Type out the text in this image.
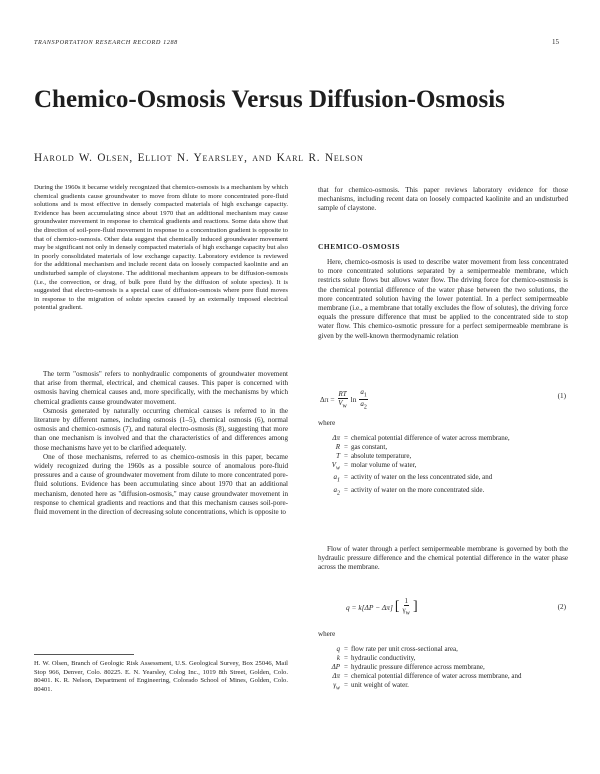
TRANSPORTATION RESEARCH RECORD 1288	15
Chemico-Osmosis Versus Diffusion-Osmosis
Harold W. Olsen, Elliot N. Yearsley, and Karl R. Nelson

During the 1960s it became widely recognized that chemico-osmosis is a mechanism by which chemical gradients cause groundwater to move from dilute to more concentrated pore-fluid solutions and is most effective in densely compacted materials of high exchange capacity. Evidence has been accumulating since about 1970 that an additional mechanism may cause groundwater movement in response to chemical gradients and reactions. Some data show that the direction of soil-pore-fluid movement in response to a concentration gradient is opposite to that of chemico-osmosis. Other data suggest that chemically induced groundwater movement may be significant not only in densely compacted materials of high exchange capacity but also in poorly consolidated materials of low exchange capacity. Laboratory evidence is reviewed for the additional mechanism and include recent data on loosely compacted kaolinite and an undisturbed sample of claystone. The additional mechanism appears to be diffusion-osmosis (i.e., the convection, or drag, of bulk pore fluid by the diffusion of solute species). It is suggested that electro-osmosis is a special case of diffusion-osmosis where pore fluid moves in response to the migration of solute species caused by an externally imposed electrical potential gradient.

The term "osmosis" refers to nonhydraulic components of groundwater movement that arise from thermal, electrical, and chemical causes. This paper is concerned with osmosis having chemical causes and, more specifically, with the mechanisms by which chemical gradients cause groundwater movement.

Osmosis generated by naturally occurring chemical causes is referred to in the literature by different names, including osmosis (1–5), chemical osmosis (6), normal osmosis and chemico-osmosis (7), and natural electro-osmosis (8), suggesting that more than one mechanism is involved and that the characteristics of and differences among those mechanisms have yet to be clarified adequately.

One of those mechanisms, referred to as chemico-osmosis in this paper, became widely recognized during the 1960s as a possible source of anomalous pore-fluid pressures and a cause of groundwater movement from dilute to more concentrated pore-fluid solutions. Evidence has been accumulating since about 1970 that an additional mechanism, denoted here as "diffusion-osmosis," may cause groundwater movement in response to chemical gradients and reactions and that this mechanism causes soil-pore-fluid movement in the direction of decreasing solute concentrations, which is opposite to

H. W. Olsen, Branch of Geologic Risk Assessment, U.S. Geological Survey, Box 25046, Mail Stop 966, Denver, Colo. 80225. E. N. Yearsley, Colog Inc., 1019 8th Street, Golden, Colo. 80401. K. R. Nelson, Department of Engineering, Colorado School of Mines, Golden, Colo. 80401.

that for chemico-osmosis. This paper reviews laboratory evidence for those mechanisms, including recent data on loosely compacted kaolinite and an undisturbed sample of claystone.

CHEMICO-OSMOSIS

Here, chemico-osmosis is used to describe water movement from less concentrated to more concentrated solutions separated by a semipermeable membrane, which restricts solute flows but allows water flow. The driving force for chemico-osmosis is the chemical potential difference of the water phase between the two solutions, the more concentrated solution having the lower potential. In a perfect semipermeable membrane (i.e., a membrane that totally excludes the flow of solutes), the driving force equals the pressure difference that must be applied to the concentrated side to stop water flow. This chemico-osmotic pressure for a perfect semipermeable membrane is given by the well-known thermodynamic relation

$\Delta\pi = \frac{RT}{V_w}$ $\ln \frac{a_1}{a_2}$	(1)
where
Δπ = chemical potential difference of water across membrane,
R = gas constant,
T = absolute temperature,
$V_w$ = molar volume of water,
$a_1$ = activity of water on the less concentrated side, and
$a_2$ = activity of water on the more concentrated side.

Flow of water through a perfect semipermeable membrane is governed by both the hydraulic pressure difference and the chemical potential difference in the water phase across the membrane.

q = k[ΔP − Δπ] [ $\frac{1}{\gamma_w}$ ]	(2)
where
q = flow rate per unit cross-sectional area,
k = hydraulic conductivity,
ΔP = hydraulic pressure difference across membrane,
Δπ = chemical potential difference of water across membrane, and
$\gamma_w$ = unit weight of water.
